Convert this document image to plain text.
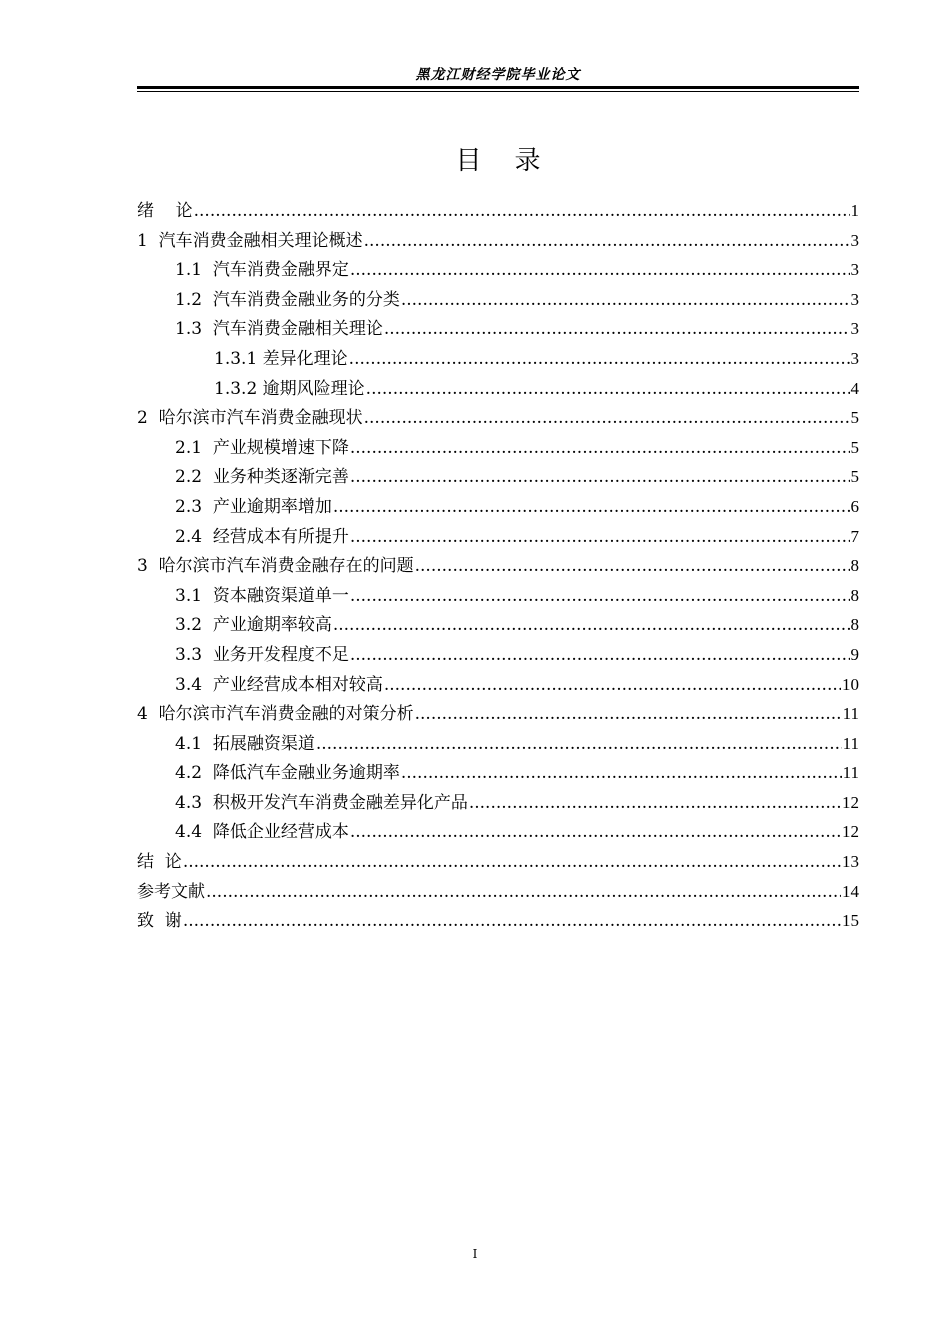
黑龙江财经学院毕业论文
目    录
绪    论 .....	1
1  汽车消费金融相关理论概述 .....	3
1.1  汽车消费金融界定 .....	3
1.2  汽车消费金融业务的分类 .....	3
1.3  汽车消费金融相关理论 .....	3
1.3.1 差异化理论 .....	3
1.3.2 逾期风险理论 .....	4
2  哈尔滨市汽车消费金融现状 .....	5
2.1  产业规模增速下降 .....	5
2.2  业务种类逐渐完善 .....	5
2.3  产业逾期率增加 .....	6
2.4  经营成本有所提升 .....	7
3  哈尔滨市汽车消费金融存在的问题 .....	8
3.1  资本融资渠道单一 .....	8
3.2  产业逾期率较高 .....	8
3.3  业务开发程度不足 .....	9
3.4  产业经营成本相对较高 .....	10
4  哈尔滨市汽车消费金融的对策分析 .....	11
4.1  拓展融资渠道 .....	11
4.2  降低汽车金融业务逾期率 .....	11
4.3  积极开发汽车消费金融差异化产品 .....	12
4.4  降低企业经营成本 .....	12
结  论 .....	13
参考文献 .....	14
致  谢 .....	15
I
